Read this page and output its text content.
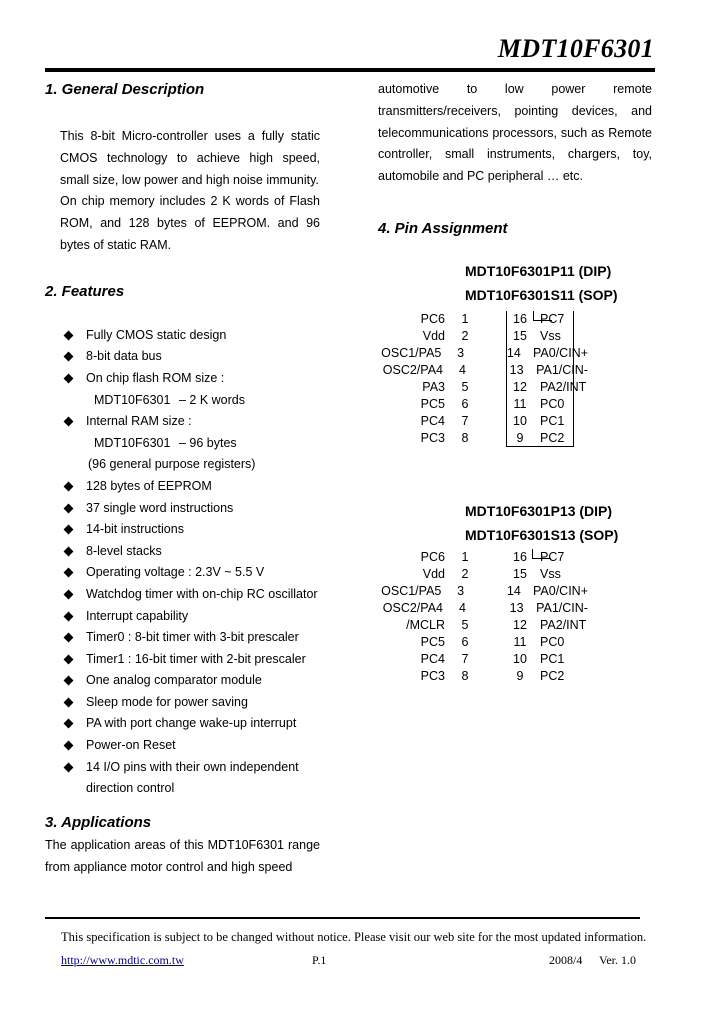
MDT10F6301
1. General Description
This 8-bit Micro-controller uses a fully static CMOS technology to achieve high speed, small size, low power and high noise immunity.
On chip memory includes 2 K words of Flash ROM, and 128 bytes of EEPROM. and 96 bytes of static RAM.
2. Features
Fully CMOS static design
8-bit data bus
On chip flash ROM size :
MDT10F6301 – 2 K words
Internal RAM size :
MDT10F6301 – 96 bytes
(96 general purpose registers)
128 bytes of EEPROM
37 single word instructions
14-bit instructions
8-level stacks
Operating voltage : 2.3V ~ 5.5 V
Watchdog timer with on-chip RC oscillator
Interrupt capability
Timer0 : 8-bit timer with 3-bit prescaler
Timer1 : 16-bit timer with 2-bit prescaler
One analog comparator module
Sleep mode for power saving
PA with port change wake-up interrupt
Power-on Reset
14 I/O pins with their own independent
direction control
3. Applications
The application areas of this MDT10F6301 range from appliance motor control and high speed
automotive to low power remote transmitters/receivers, pointing devices, and telecommunications processors, such as Remote controller, small instruments, chargers, toy, automobile and PC peripheral … etc.
4. Pin Assignment
MDT10F6301P11 (DIP)
MDT10F6301S11 (SOP)
PC6	1	16	PC7
Vdd	2	15	Vss
OSC1/PA5	3	14 PA0/CIN+
OSC2/PA4	4	13	PA1/CIN-
PA3	5	12	PA2/INT
PC5	6	11	PC0
PC4	7	10	PC1
PC3	8	9	PC2
MDT10F6301P13 (DIP)
MDT10F6301S13 (SOP)
PC6	1	16	PC7
Vdd	2	15	Vss
OSC1/PA5	3	14 PA0/CIN+
OSC2/PA4	4	13	PA1/CIN-
/MCLR	5	12	PA2/INT
PC5	6	11	PC0
PC4	7	10	PC1
PC3	8	9	PC2
This specification is subject to be changed without notice. Please visit our web site for the most updated information.
http://www.mdtic.com.tw	P.1	2008/4 Ver. 1.0
